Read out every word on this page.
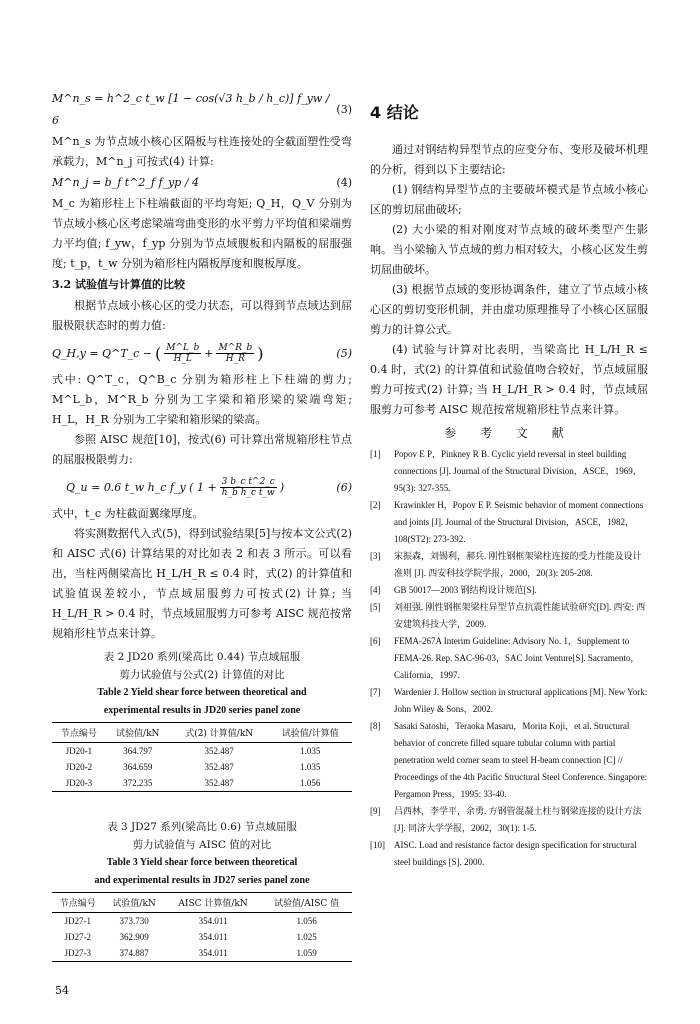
M^n_s = h^2_c t_w [1 − cos(√3 h_b / h_c)] f_yw / 6
(3)

M^n_s 为节点域小核心区隔板与柱连接处的全截面塑性受弯承载力，M^n_j 可按式(4) 计算:

M^n_j = b_f t^2_f f_yp / 4	(4)

M_c 为箱形柱上下柱端截面的平均弯矩; Q_H，Q_V 分别为节点域小核心区考虑梁端弯曲变形的水平剪力平均值和梁端剪力平均值; f_yw，f_yp 分别为节点域腹板和内隔板的屈服强度; t_p，t_w 分别为箱形柱内隔板厚度和腹板厚度。

3.2 试验值与计算值的比较

根据节点域小核心区的受力状态，可以得到节点域达到屈服极限状态时的剪力值:

Q_H,y = Q^T_c − ( $\frac{M\^{}L\_b}{H\_L} + \frac{M\^{}R\_b}{H\_R}$ )	(5)

式中: Q^T_c，Q^B_c 分别为箱形柱上下柱端的剪力; M^L_b，M^R_b 分别为工字梁和箱形梁的梁端弯矩; H_L，H_R 分别为工字梁和箱形梁的梁高。

参照 AISC 规范[10]，按式(6) 可计算出常规箱形柱节点的屈服极限剪力:

Q_u = 0.6 t_w h_c f_y ( $1 + \frac{\text{3 b\_c t\textasciicircum{}2\_c}}{\text{h\_b h\_c t\_w}}$ )	(6)

式中，t_c 为柱截面翼缘厚度。

将实测数据代入式(5)，得到试验结果[5]与按本文公式(2) 和 AISC 式(6) 计算结果的对比如表 2 和表 3 所示。可以看出，当柱两侧梁高比 H_L/H_R ≤ 0.4 时，式(2) 的计算值和试验值误差较小，节点域屈服剪力可按式(2) 计算; 当 H_L/H_R > 0.4 时，节点域屈服剪力可参考 AISC 规范按常规箱形柱节点来计算。

表 2 JD20 系列(梁高比 0.44) 节点域屈服
剪力试验值与公式(2) 计算值的对比
Table 2 Yield shear force between theoretical and
experimental results in JD20 series panel zone
节点编号	试验值/kN	式(2) 计算值/kN	试验值/计算值
JD20-1	364.797	352.487	1.035
JD20-2	364.659	352.487	1.035
JD20-3	372.235	352.487	1.056
表 3 JD27 系列(梁高比 0.6) 节点域屈服
剪力试验值与 AISC 值的对比
Table 3 Yield shear force between theoretical
and experimental results in JD27 series panel zone
节点编号	试验值/kN	AISC 计算值/kN	试验值/AISC 值
JD27-1	373.730	354.011	1.056
JD27-2	362.909	354.011	1.025
JD27-3	374.887	354.011	1.059
4 结论

通过对钢结构异型节点的应变分布、变形及破坏机理的分析，得到以下主要结论:

(1) 钢结构异型节点的主要破坏模式是节点域小核心区的剪切屈曲破坏;

(2) 大小梁的相对刚度对节点域的破坏类型产生影响。当小梁输入节点域的剪力相对较大，小核心区发生剪切屈曲破坏。

(3) 根据节点域的变形协调条件，建立了节点域小核心区的剪切变形机制，并由虚功原理推导了小核心区屈服剪力的计算公式。

(4) 试验与计算对比表明，当梁高比 H_L/H_R ≤ 0.4 时，式(2) 的计算值和试验值吻合较好，节点域屈服剪力可按式(2) 计算; 当 H_L/H_R > 0.4 时，节点域屈服剪力可参考 AISC 规范按常规箱形柱节点来计算。

参 考 文 献
[1]	Popov E P，Pinkney R B. Cyclic yield reversal in steel building connections [J]. Journal of the Structural Division，ASCE，1969，95(3): 327-355.
[2]	Krawinkler H，Popov E P. Seismic behavior of moment connections and joints [J]. Journal of the Structural Division，ASCE，1982，108(ST2): 273-392.
[3]	宋振森，刘锡利，郝兵. 刚性钢框架梁柱连接的受力性能及设计准则 [J]. 西安科技学院学报，2000，20(3): 205-208.
[4]	GB 50017—2003 钢结构设计规范[S].
[5]	刘祖强. 刚性钢框架梁柱异型节点抗震性能试验研究[D]. 西安: 西安建筑科技大学，2009.
[6]	FEMA-267A Interim Guideline: Advisory No. 1，Supplement to FEMA-26. Rep. SAC-96-03，SAC Joint Venture[S]. Sacramento，California，1997.
[7]	Wardenier J. Hollow section in structural applications [M]. New York: John Wiley & Sons，2002.
[8]	Sasaki Satoshi，Teraoka Masaru，Morita Koji，et al. Structural behavior of concrete filled square tubular column with partial penetration weld corner seam to steel H-beam connection [C] // Proceedings of the 4th Pacific Structural Steel Conference. Singapore: Pergamon Press，1995: 33-40.
[9]	吕西林，李学平，余勇. 方钢管混凝土柱与钢梁连接的设计方法 [J]. 同济大学学报，2002，30(1): 1-5.
[10]	AISC. Load and resistance factor design specification for structural steel buildings [S]. 2000.
54
